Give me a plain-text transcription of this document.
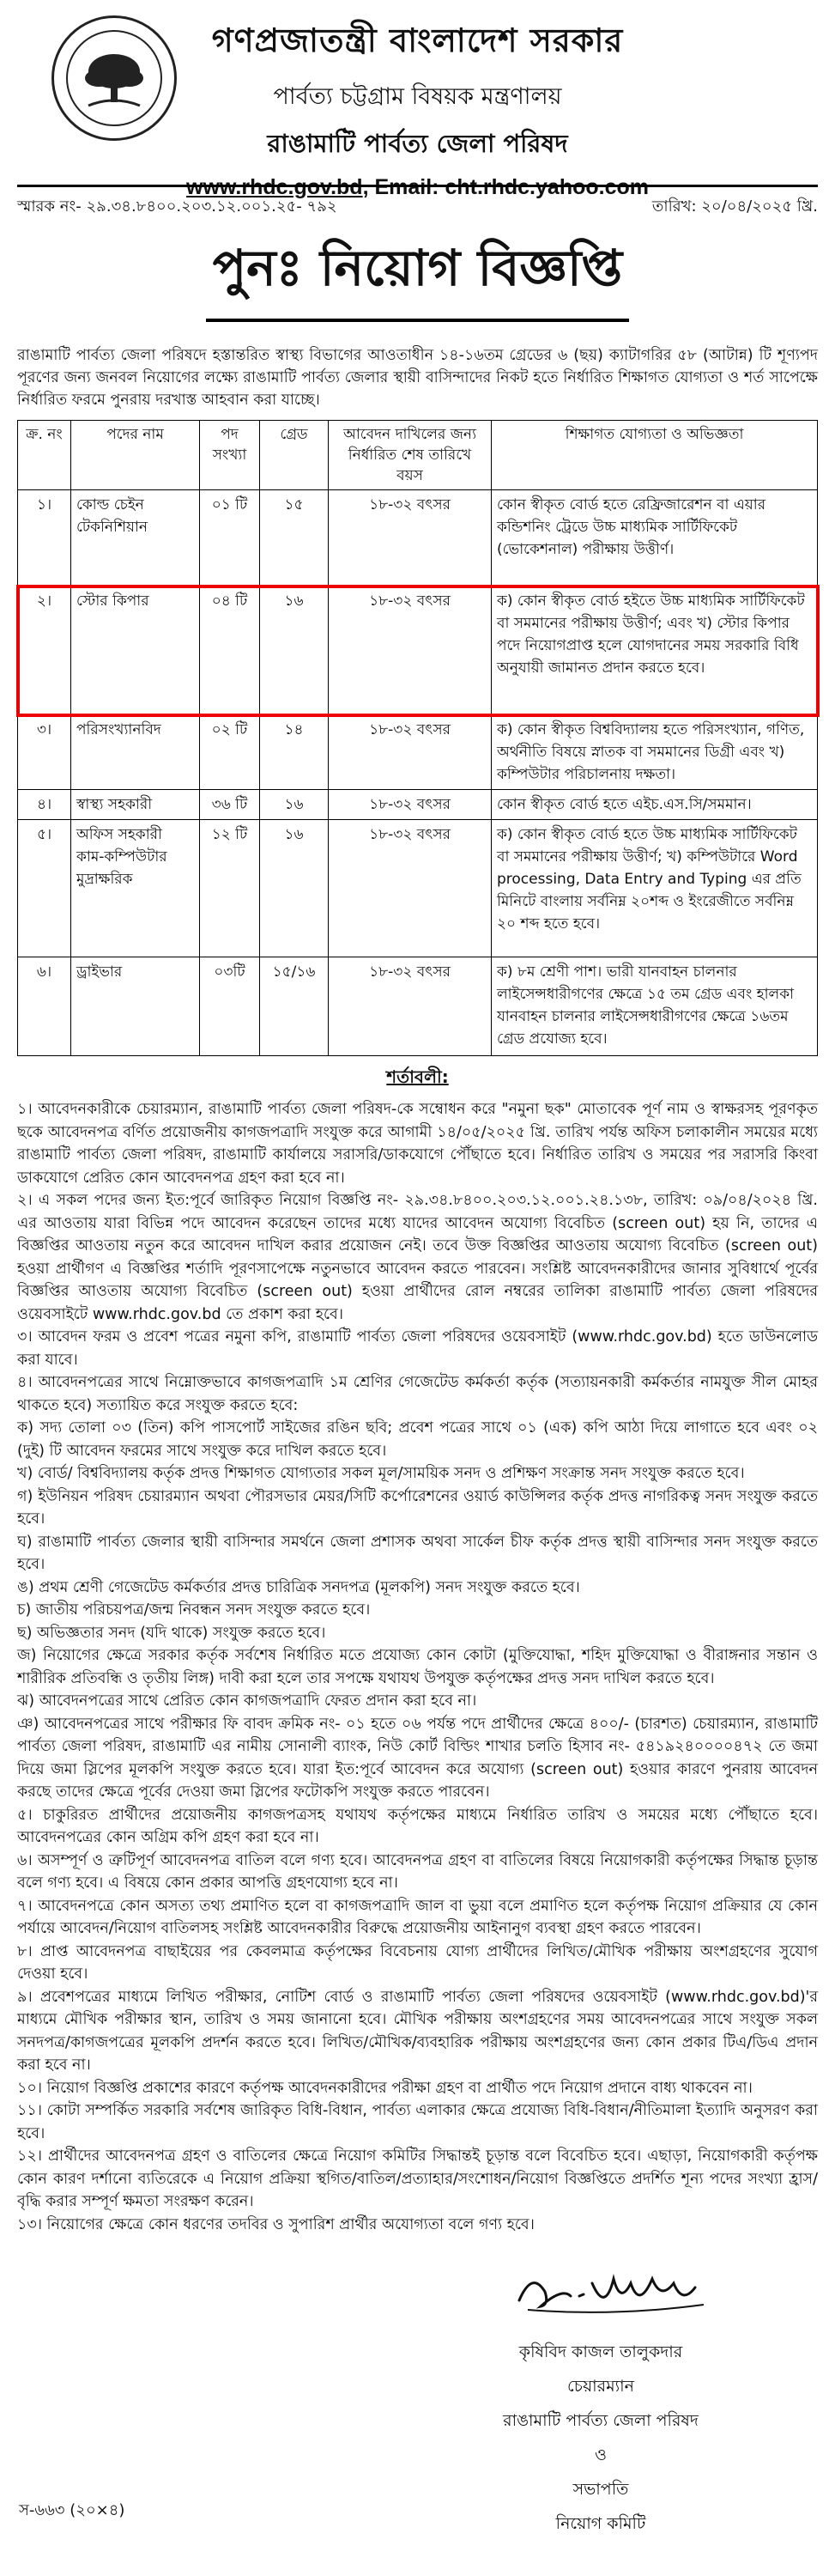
গণপ্রজাতন্ত্রী বাংলাদেশ সরকার
পার্বত্য চট্টগ্রাম বিষয়ক মন্ত্রণালয়
রাঙামাটি পার্বত্য জেলা পরিষদ
www.rhdc.gov.bd, Email: cht.rhdc.yahoo.com
স্মারক নং- ২৯.৩৪.৮৪০০.২০৩.১২.০০১.২৫- ৭৯২	তারিখ: ২০/০৪/২০২৫ খ্রি.
পুনঃ নিয়োগ বিজ্ঞপ্তি
রাঙামাটি পার্বত্য জেলা পরিষদে হস্তান্তরিত স্বাস্থ্য বিভাগের আওতাধীন ১৪-১৬তম গ্রেডের ৬ (ছয়) ক্যাটাগরির ৫৮ (আটান্ন) টি শূণ্যপদ পূরণের জন্য জনবল নিয়োগের লক্ষ্যে রাঙামাটি পার্বত্য জেলার স্থায়ী বাসিন্দাদের নিকট হতে নির্ধারিত শিক্ষাগত যোগ্যতা ও শর্ত সাপেক্ষে নির্ধারিত ফরমে পুনরায় দরখাস্ত আহবান করা যাচ্ছে।
ক্র. নং	পদের নাম	পদ সংখ্যা	গ্রেড	আবেদন দাখিলের জন্য নির্ধারিত শেষ তারিখে বয়স	শিক্ষাগত যোগ্যতা ও অভিজ্ঞতা
১।	কোল্ড চেইন টেকনিশিয়ান	০১ টি	১৫	১৮-৩২ বৎসর	কোন স্বীকৃত বোর্ড হতে রেফ্রিজারেশন বা এয়ার কন্ডিশনিং ট্রেডে উচ্চ মাধ্যমিক সার্টিফিকেট (ভোকেশনাল) পরীক্ষায় উত্তীর্ণ।
২।	স্টোর কিপার	০৪ টি	১৬	১৮-৩২ বৎসর	ক) কোন স্বীকৃত বোর্ড হইতে উচ্চ মাধ্যমিক সার্টিফিকেট বা সমমানের পরীক্ষায় উত্তীর্ণ; এবং খ) স্টোর কিপার পদে নিয়োগপ্রাপ্ত হলে যোগদানের সময় সরকারি বিধি অনুযায়ী জামানত প্রদান করতে হবে।
৩।	পরিসংখ্যানবিদ	০২ টি	১৪	১৮-৩২ বৎসর	ক) কোন স্বীকৃত বিশ্ববিদ্যালয় হতে পরিসংখ্যান, গণিত, অর্থনীতি বিষয়ে স্নাতক বা সমমানের ডিগ্রী এবং খ) কম্পিউটার পরিচালনায় দক্ষতা।
৪।	স্বাস্থ্য সহকারী	৩৬ টি	১৬	১৮-৩২ বৎসর	কোন স্বীকৃত বোর্ড হতে এইচ.এস.সি/সমমান।
৫।	অফিস সহকারী কাম-কম্পিউটার মুদ্রাক্ষরিক	১২ টি	১৬	১৮-৩২ বৎসর	ক) কোন স্বীকৃত বোর্ড হতে উচ্চ মাধ্যমিক সার্টিফিকেট বা সমমানের পরীক্ষায় উত্তীর্ণ; খ) কম্পিউটারে Word processing, Data Entry and Typing এর প্রতি মিনিটে বাংলায় সর্বনিম্ন ২০শব্দ ও ইংরেজীতে সর্বনিম্ন ২০ শব্দ হতে হবে।
৬।	ড্রাইভার	০৩টি	১৫/১৬	১৮-৩২ বৎসর	ক) ৮ম শ্রেণী পাশ। ভারী যানবাহন চালনার লাইসেন্সধারীগণের ক্ষেত্রে ১৫ তম গ্রেড এবং হালকা যানবাহন চালনার লাইসেন্সধারীগণের ক্ষেত্রে ১৬তম গ্রেড প্রযোজ্য হবে।
শর্তাবলী:

১। আবেদনকারীকে চেয়ারম্যান, রাঙামাটি পার্বত্য জেলা পরিষদ-কে সম্বোধন করে "নমুনা ছক" মোতাবেক পূর্ণ নাম ও স্বাক্ষরসহ পূরণকৃত ছকে আবেদনপত্র বর্ণিত প্রয়োজনীয় কাগজপত্রাদি সংযুক্ত করে আগামী ১৪/০৫/২০২৫ খ্রি. তারিখ পর্যন্ত অফিস চলাকালীন সময়ের মধ্যে রাঙামাটি পার্বত্য জেলা পরিষদ, রাঙামাটি কার্যালয়ে সরাসরি/ডাকযোগে পৌঁছাতে হবে। নির্ধারিত তারিখ ও সময়ের পর সরাসরি কিংবা ডাকযোগে প্রেরিত কোন আবেদনপত্র গ্রহণ করা হবে না।

২। এ সকল পদের জন্য ইত:পূর্বে জারিকৃত নিয়োগ বিজ্ঞপ্তি নং- ২৯.৩৪.৮৪০০.২০৩.১২.০০১.২৪.১৩৮, তারিখ: ০৯/০৪/২০২৪ খ্রি. এর আওতায় যারা বিভিন্ন পদে আবেদন করেছেন তাদের মধ্যে যাদের আবেদন অযোগ্য বিবেচিত (screen out) হয় নি, তাদের এ বিজ্ঞপ্তির আওতায় নতুন করে আবেদন দাখিল করার প্রয়োজন নেই। তবে উক্ত বিজ্ঞপ্তির আওতায় অযোগ্য বিবেচিত (screen out) হওয়া প্রার্থীগণ এ বিজ্ঞপ্তির শর্তাদি পূরণসাপেক্ষে নতুনভাবে আবেদন করতে পারবেন। সংশ্লিষ্ট আবেদনকারীদের জানার সুবিধার্থে পূর্বের বিজ্ঞপ্তির আওতায় অযোগ্য বিবেচিত (screen out) হওয়া প্রার্থীদের রোল নম্বরের তালিকা রাঙামাটি পার্বত্য জেলা পরিষদের ওয়েবসাইটে www.rhdc.gov.bd তে প্রকাশ করা হবে।

৩। আবেদন ফরম ও প্রবেশ পত্রের নমুনা কপি, রাঙামাটি পার্বত্য জেলা পরিষদের ওয়েবসাইট (www.rhdc.gov.bd) হতে ডাউনলোড করা যাবে।

৪। আবেদনপত্রের সাথে নিম্নোক্তভাবে কাগজপত্রাদি ১ম শ্রেণির গেজেটেড কর্মকর্তা কর্তৃক (সত্যায়নকারী কর্মকর্তার নামযুক্ত সীল মোহর থাকতে হবে) সত্যায়িত করে সংযুক্ত করতে হবে:

ক) সদ্য তোলা ০৩ (তিন) কপি পাসপোর্ট সাইজের রঙিন ছবি; প্রবেশ পত্রের সাথে ০১ (এক) কপি আঠা দিয়ে লাগাতে হবে এবং ০২ (দুই) টি আবেদন ফরমের সাথে সংযুক্ত করে দাখিল করতে হবে।

খ) বোর্ড/ বিশ্ববিদ্যালয় কর্তৃক প্রদত্ত শিক্ষাগত যোগ্যতার সকল মূল/সাময়িক সনদ ও প্রশিক্ষণ সংক্রান্ত সনদ সংযুক্ত করতে হবে।

গ) ইউনিয়ন পরিষদ চেয়ারম্যান অথবা পৌরসভার মেয়র/সিটি কর্পোরেশনের ওয়ার্ড কাউন্সিলর কর্তৃক প্রদত্ত নাগরিকত্ব সনদ সংযুক্ত করতে হবে।

ঘ) রাঙামাটি পার্বত্য জেলার স্থায়ী বাসিন্দার সমর্থনে জেলা প্রশাসক অথবা সার্কেল চীফ কর্তৃক প্রদত্ত স্থায়ী বাসিন্দার সনদ সংযুক্ত করতে হবে।

ঙ) প্রথম শ্রেণী গেজেটেড কর্মকর্তার প্রদত্ত চারিত্রিক সনদপত্র (মূলকপি) সনদ সংযুক্ত করতে হবে।

চ) জাতীয় পরিচয়পত্র/জন্ম নিবন্ধন সনদ সংযুক্ত করতে হবে।

ছ) অভিজ্ঞতার সনদ (যদি থাকে) সংযুক্ত করতে হবে।

জ) নিয়োগের ক্ষেত্রে সরকার কর্তৃক সর্বশেষ নির্ধারিত মতে প্রযোজ্য কোন কোটা (মুক্তিযোদ্ধা, শহিদ মুক্তিযোদ্ধা ও বীরাঙ্গনার সন্তান ও শারীরিক প্রতিবন্ধি ও তৃতীয় লিঙ্গ) দাবী করা হলে তার সপক্ষে যথাযথ উপযুক্ত কর্তৃপক্ষের প্রদত্ত সনদ দাখিল করতে হবে।

ঝ) আবেদনপত্রের সাথে প্রেরিত কোন কাগজপত্রাদি ফেরত প্রদান করা হবে না।

ঞ) আবেদনপত্রের সাথে পরীক্ষার ফি বাবদ ক্রমিক নং- ০১ হতে ০৬ পর্যন্ত পদে প্রার্থীদের ক্ষেত্রে ৪০০/- (চারশত) চেয়ারম্যান, রাঙামাটি পার্বত্য জেলা পরিষদ, রাঙামাটি এর নামীয় সোনালী ব্যাংক, নিউ কোর্ট বিল্ডিং শাখার চলতি হিসাব নং- ৫৪১৯২৪০০০০৪৭২ তে জমা দিয়ে জমা স্লিপের মূলকপি সংযুক্ত করতে হবে। যারা ইত:পূর্বে আবেদন করে অযোগ্য (screen out) হওয়ার কারণে পুনরায় আবেদন করছে তাদের ক্ষেত্রে পূর্বের দেওয়া জমা স্লিপের ফটোকপি সংযুক্ত করতে পারবেন।

৫। চাকুরিরত প্রার্থীদের প্রয়োজনীয় কাগজপত্রসহ যথাযথ কর্তৃপক্ষের মাধ্যমে নির্ধারিত তারিখ ও সময়ের মধ্যে পৌঁছাতে হবে। আবেদনপত্রের কোন অগ্রিম কপি গ্রহণ করা হবে না।

৬। অসম্পূর্ণ ও ত্রুটিপূর্ণ আবেদনপত্র বাতিল বলে গণ্য হবে। আবেদনপত্র গ্রহণ বা বাতিলের বিষয়ে নিয়োগকারী কর্তৃপক্ষের সিদ্ধান্ত চূড়ান্ত বলে গণ্য হবে। এ বিষয়ে কোন প্রকার আপত্তি গ্রহণযোগ্য হবে না।

৭। আবেদনপত্রে কোন অসত্য তথ্য প্রমাণিত হলে বা কাগজপত্রাদি জাল বা ভুয়া বলে প্রমাণিত হলে কর্তৃপক্ষ নিয়োগ প্রক্রিয়ার যে কোন পর্যায়ে আবেদন/নিয়োগ বাতিলসহ সংশ্লিষ্ট আবেদনকারীর বিরুদ্ধে প্রয়োজনীয় আইনানুগ ব্যবস্থা গ্রহণ করতে পারবেন।

৮। প্রাপ্ত আবেদনপত্র বাছাইয়ের পর কেবলমাত্র কর্তৃপক্ষের বিবেচনায় যোগ্য প্রার্থীদের লিখিত/মৌখিক পরীক্ষায় অংশগ্রহণের সুযোগ দেওয়া হবে।

৯। প্রবেশপত্রের মাধ্যমে লিখিত পরীক্ষার, নোটিশ বোর্ড ও রাঙামাটি পার্বত্য জেলা পরিষদের ওয়েবসাইট (www.rhdc.gov.bd)'র মাধ্যমে মৌখিক পরীক্ষার স্থান, তারিখ ও সময় জানানো হবে। মৌখিক পরীক্ষায় অংশগ্রহণের সময় আবেদনপত্রের সাথে সংযুক্ত সকল সনদপত্র/কাগজপত্রের মূলকপি প্রদর্শন করতে হবে। লিখিত/মৌখিক/ব্যবহারিক পরীক্ষায় অংশগ্রহণের জন্য কোন প্রকার টিএ/ডিএ প্রদান করা হবে না।

১০। নিয়োগ বিজ্ঞপ্তি প্রকাশের কারণে কর্তৃপক্ষ আবেদনকারীদের পরীক্ষা গ্রহণ বা প্রার্থীত পদে নিয়োগ প্রদানে বাধ্য থাকবেন না।

১১। কোটা সম্পর্কিত সরকারি সর্বশেষ জারিকৃত বিধি-বিধান, পার্বত্য এলাকার ক্ষেত্রে প্রযোজ্য বিধি-বিধান/নীতিমালা ইত্যাদি অনুসরণ করা হবে।

১২। প্রার্থীদের আবেদনপত্র গ্রহণ ও বাতিলের ক্ষেত্রে নিয়োগ কমিটির সিদ্ধান্তই চূড়ান্ত বলে বিবেচিত হবে। এছাড়া, নিয়োগকারী কর্তৃপক্ষ কোন কারণ দর্শানো ব্যতিরেকে এ নিয়োগ প্রক্রিয়া স্থগিত/বাতিল/প্রত্যাহার/সংশোধন/নিয়োগ বিজ্ঞপ্তিতে প্রদর্শিত শূন্য পদের সংখ্যা হ্রাস/বৃদ্ধি করার সম্পূর্ণ ক্ষমতা সংরক্ষণ করেন।

১৩। নিয়োগের ক্ষেত্রে কোন ধরণের তদবির ও সুপারিশ প্রার্থীর অযোগ্যতা বলে গণ্য হবে।

কৃষিবিদ কাজল তালুকদার
চেয়ারম্যান
রাঙামাটি পার্বত্য জেলা পরিষদ
ও
সভাপতি
নিয়োগ কমিটি
স-৬৬৩ (২০×৪)
